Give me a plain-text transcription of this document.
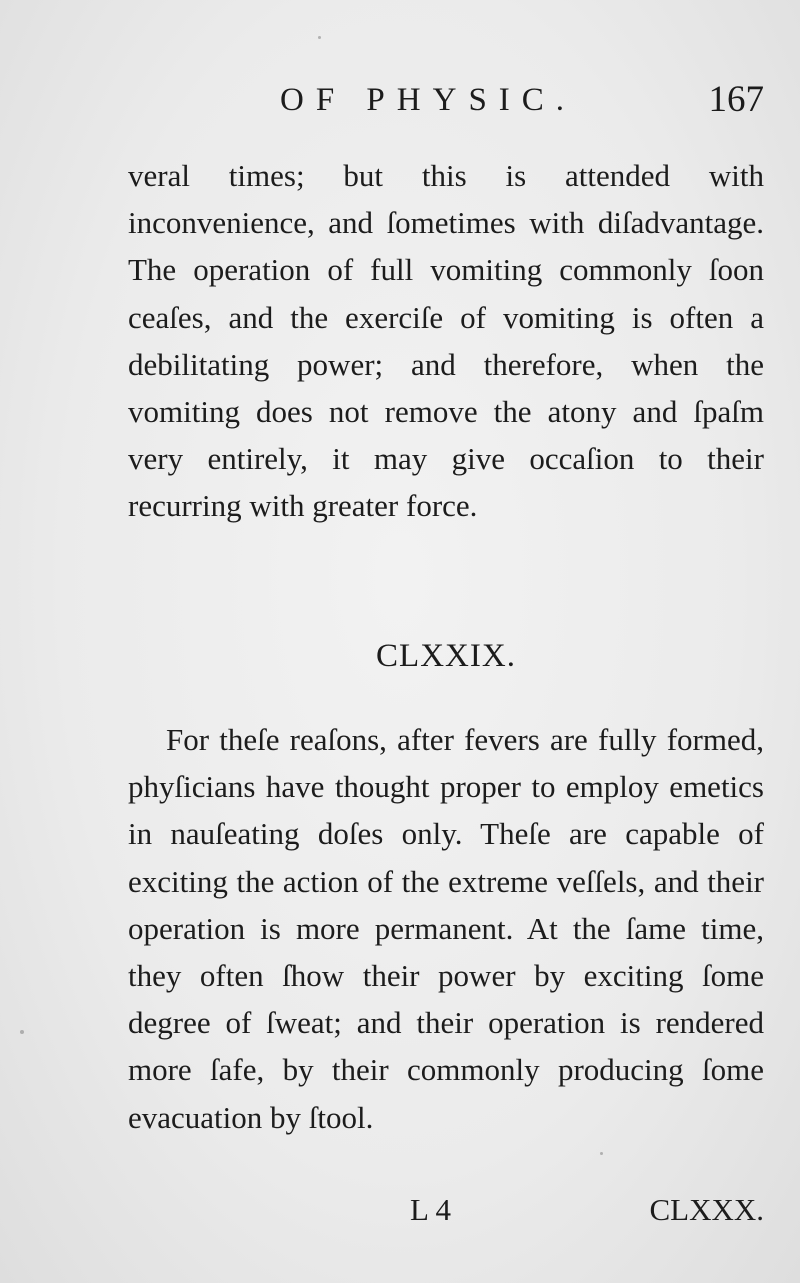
OF PHYSIC.	167

veral times; but this is attended with inconvenience, and ſometimes with diſadvantage. The operation of full vomiting commonly ſoon ceaſes, and the exerciſe of vomiting is often a debilitating power; and therefore, when the vomiting does not remove the atony and ſpaſm very entirely, it may give occaſion to their recurring with greater force.

CLXXIX.

For theſe reaſons, after fevers are fully formed, phyſicians have thought proper to employ emetics in nauſeating doſes only. Theſe are capable of exciting the action of the extreme veſſels, and their operation is more permanent. At the ſame time, they often ſhow their power by exciting ſome degree of ſweat; and their operation is rendered more ſafe, by their commonly producing ſome evacuation by ſtool.

L 4	CLXXX.
